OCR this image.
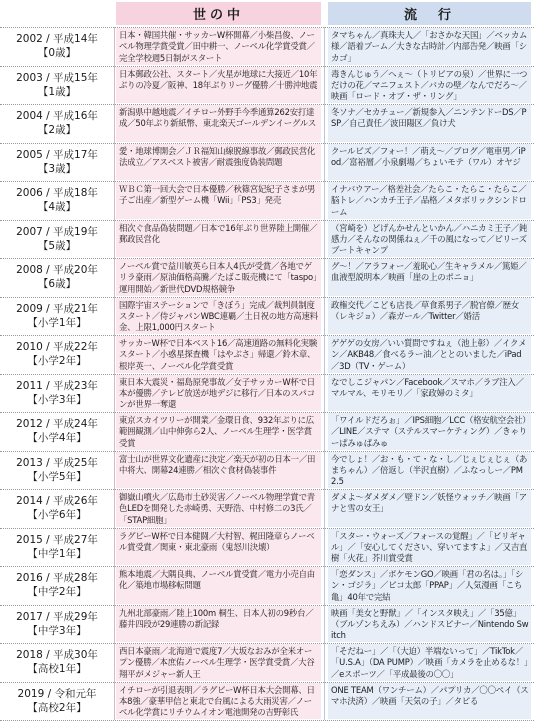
世の中	流　行
2002 / 平成14年
【0歳】
日本・韓国共催・サッカーW杯開幕／小柴昌俊、ノーベル物理学賞受賞／田中耕一、ノーベル化学賞受賞／完全学校週5日制がスタート
タマちゃん／真珠夫人／「おさかな天国」／ベッカム様／語着ブーム／大きな古時計／内部告発／映画「シカゴ」
2003 / 平成15年
【1歳】
日本郵政公社、スタート／火星が地球に大接近／10年ぶりの冷夏／阪神、18年ぶりリーグ優勝／十勝沖地震
毒きんじゅう／へぇ～（トリビアの泉）／世界に一つだけの花／マニフェスト／バカの壁／なんでだろ～／映画「ロード・オブ・ザ・リング」
2004 / 平成16年
【2歳】
新潟県中越地震／イチロー外野手今季通算262安打達成／50年ぶり新紙幣、東北楽天ゴールデンイーグルス
冬ソナ／セカチュー／新規参入／ニンテンドーDS／PSP／自己責任／波田陽区／負け犬
2005 / 平成17年
【3歳】
愛・地球博開会／ＪＲ福知山線脱線事故／郵政民営化法成立／アスベスト被害／耐震強度偽装問題
クールビズ／フォー！／萌え～／ブログ／電車男／iPod／富裕層／小泉劇場／ちょいモテ（ワル）オヤジ
2006 / 平成18年
【4歳】
ＷＢＣ第一回大会で日本優勝／秋篠宮妃紀子さまが男子ご出産／新型ゲーム機「Wii」「PS3」発売
イナバウアー／格差社会／たらこ・たらこ・たらこ／脳トレ／ハンカチ王子／品格／メタボリックシンドローム
2007 / 平成19年
【5歳】
相次ぐ食品偽装問題／日本で16年ぶり世界陸上開催／郵政民営化
（宮崎を）どげんかせんといかん／ハニカミ王子／鈍感力／そんなの関係ねぇ／千の風になって／ビリーズブートキャンプ
2008 / 平成20年
【6歳】
ノーベル賞で益川敏英ら日本人4氏が受賞／各地でゲリラ豪雨／原油価格高騰／たばこ販売機にて「taspo」運用開始／新世代DVD規格競争
グ～！／アラフォー／羞恥心／生キャラメル／篤姫／血液型説明本／映画「崖の上のポニョ」
2009 / 平成21年
【小学1年】
国際宇宙ステーションで「きぼう」完成／裁判員制度スタート／侍ジャパンWBC連覇／土日祝の地方高速料金、上限1,000円スタート
政権交代／こども店長／草食系男子／脱官僚／歴女（レキジョ）／森ガール／Twitter／婚活
2010 / 平成22年
【小学2年】
サッカーW杯で日本ベスト16／高速道路の無料化実験スタート／小惑星探査機「はやぶさ」帰還／鈴木章、根岸英一、ノーベル化学賞受賞
ゲゲゲの女房／いい質問ですねぇ（池上彰）／イクメン／AKB48／食べるラー油／ととのいました／iPad／3D（TV・ゲーム）
2011 / 平成23年
【小学3年】
東日本大震災・福島原発事故／女子サッカーW杯で日本が優勝／テレビ放送が地デジに移行／日本のスパコンが世界一奪還
なでしこジャパン／Facebook／スマホ／ラブ注入／マルマル、モリモリ／「家政婦のミタ」
2012 / 平成24年
【小学4年】
東京スカイツリーが開業／金環日食、932年ぶりに広範囲観測／山中伸弥ら2人、ノーベル生理学・医学賞受賞
「ワイルドだろぉ」／IPS細胞／LCC（格安航空会社）／LINE／ステマ（ステルスマーケティング）／きゃりーぱみゅぱみゅ
2013 / 平成25年
【小学5年】
富士山が世界文化遺産に決定／楽天が初の日本一／田中将大、開幕24連勝／相次ぐ食材偽装事件
今でしょ！／お・も・て・な・し／じぇじぇじぇ（あまちゃん）／倍返し（半沢直樹）／ふなっしー／PM2.5
2014 / 平成26年
【小学6年】
御嶽山噴火／広島市土砂災害／ノーベル物理学賞で青色LEDを開発した赤崎勇、天野浩、中村修二の3氏／「STAP細胞」
ダメよ～ダメダメ／壁ドン／妖怪ウォッチ／映画「アナと雪の女王」
2015 / 平成27年
【中学1年】
ラグビーW杯で日本健闘／大村智、梶田隆章らノーベル賞受賞／関東・東北豪雨（鬼怒川決壊）
「スター・ウォーズ／フォースの覚醒」／「ビリギャル」／「安心してください、穿いてますよ」／又吉直樹「火花」芥川賞受賞
2016 / 平成28年
【中学2年】
熊本地震／大隅良典、ノーベル賞受賞／電力小売自由化／築地市場移転問題
「恋ダンス」／ポケモンGO／映画「君の名は。」「シン・ゴジラ」／ピコ太郎「PPAP」／人気漫画「こち亀」40年で完結
2017 / 平成29年
【中学3年】
九州北部豪雨／陸上100m 桐生、日本人初の9秒台／藤井四段が29連勝の新記録
映画「美女と野獣」／「インスタ映え」／「35億」（ブルゾンちえみ）／ハンドスピナー／Nintendo Switch
2018 / 平成30年
【高校1年】
西日本豪雨／北海道で震度7／大坂なおみが全米オープン優勝／本庶佑ノーベル生理学・医学賞受賞／大谷翔平がメジャー新人王
「そだねー」／「（大迫）半端ないって」／TikTok／「U.S.A」（DA PUMP）／映画「カメラを止めるな！」／eスポーツ／「平成最後の〇〇」
2019 / 令和元年
【高校2年】
イチローが引退表明／ラグビーW杯日本大会開幕、日本8強／豪華甲信と東北で台風による大雨災害／ノーベル化学賞にリチウムイオン電池開発の吉野彰氏
ONE TEAM（ワンチーム）／パプリカ／〇〇ペイ（スマホ決済）／映画「天気の子」／タピる
